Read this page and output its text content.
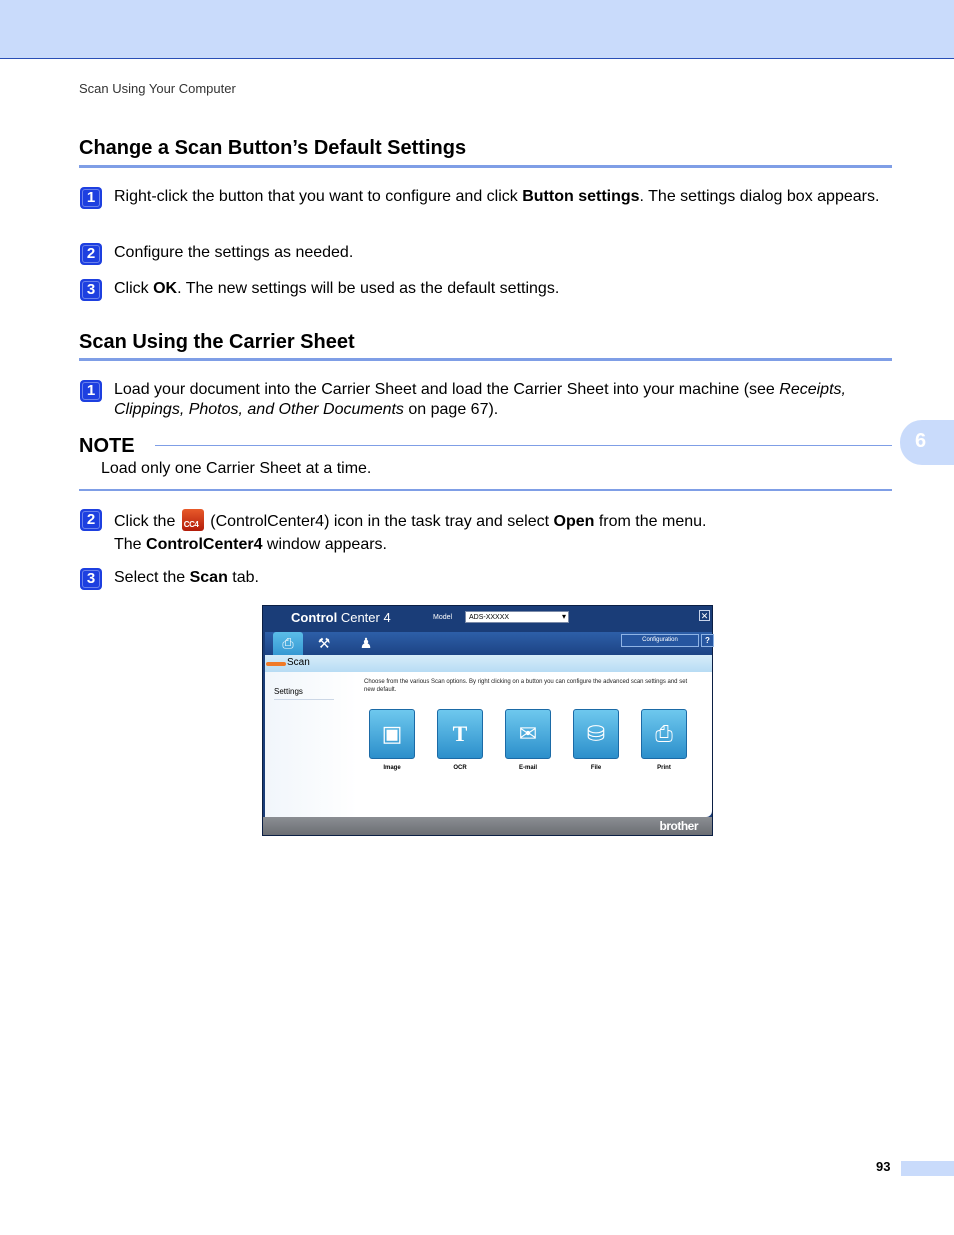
Scan Using Your Computer
Change a Scan Button’s Default Settings
1	Right-click the button that you want to configure and click Button settings. The settings dialog box appears.
2	Configure the settings as needed.
3	Click OK. The new settings will be used as the default settings.
Scan Using the Carrier Sheet
1	Load your document into the Carrier Sheet and load the Carrier Sheet into your machine (see Receipts, Clippings, Photos, and Other Documents on page 67).
NOTE
Load only one Carrier Sheet at a time.
6
2	Click the CC4 (ControlCenter4) icon in the task tray and select Open from the menu.
The ControlCenter4 window appears.
3	Select the Scan tab.
Control Center 4	Model	ADS-XXXXX ▾	✕
⎙	⚒	♟	Configuration	?
Scan
Settings
Choose from the various Scan options. By right clicking on a button you can configure the advanced scan settings and set new default.
▣
Image
T
OCR
✉
E-mail
⛁
File
⎙
Print
brother
93
